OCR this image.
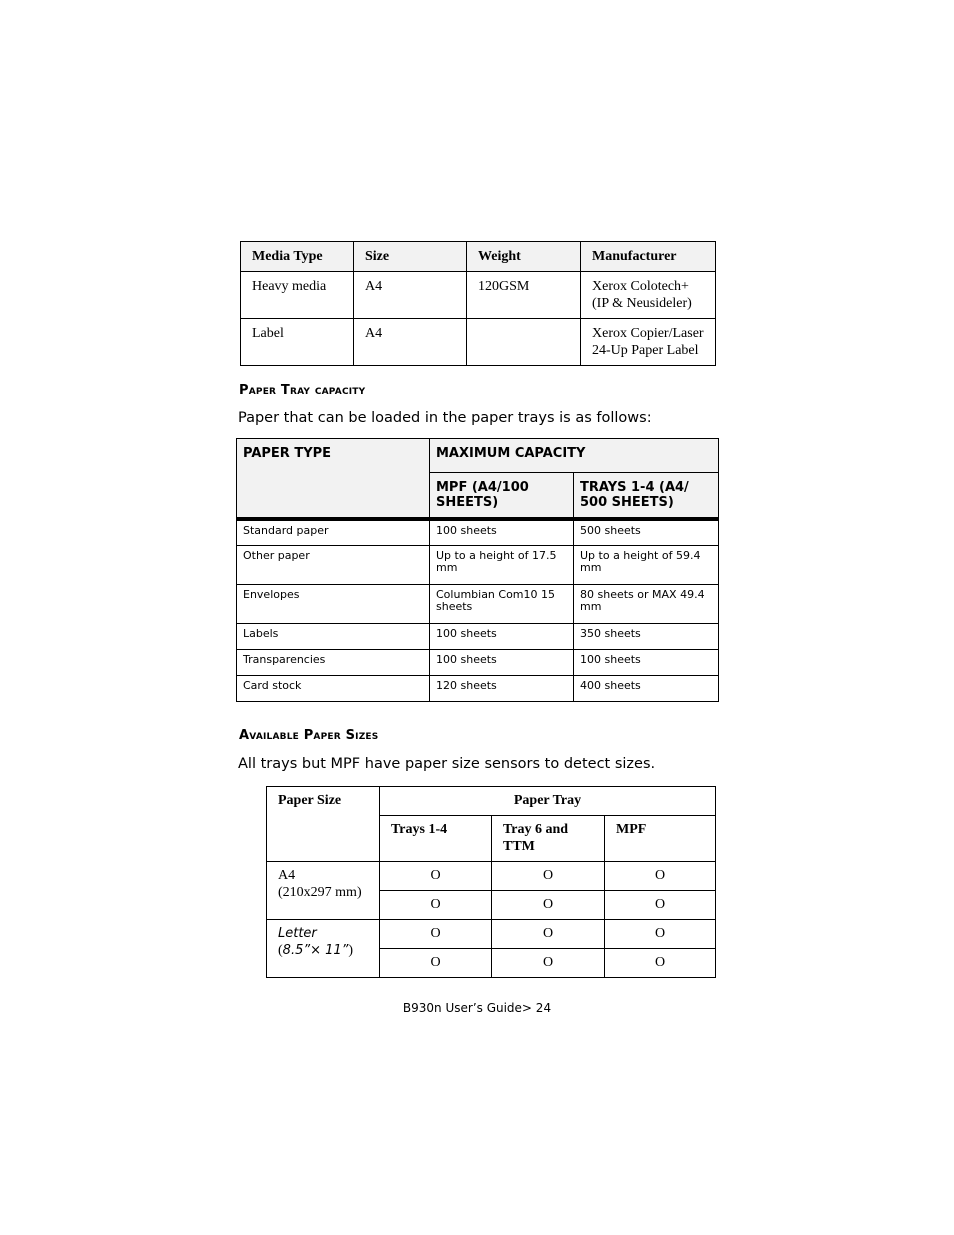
Media Type	Size	Weight	Manufacturer
Heavy media	A4	120GSM	Xerox Colotech+ (IP & Neusideler)
Label	A4		Xerox Copier/Laser 24-Up Paper Label
Paper Tray capacity

Paper that can be loaded in the paper trays is as follows:

PAPER TYPE	MAXIMUM CAPACITY	
	MPF (A4/100 SHEETS)	TRAYS 1-4 (A4/ 500 SHEETS)
Standard paper	100 sheets	500 sheets
Other paper	Up to a height of 17.5 mm	Up to a height of 59.4 mm
Envelopes	Columbian Com10 15 sheets	80 sheets or MAX 49.4 mm
Labels	100 sheets	350 sheets
Transparencies	100 sheets	100 sheets
Card stock	120 sheets	400 sheets
Available Paper Sizes

All trays but MPF have paper size sensors to detect sizes.

Paper Size	Paper Tray		
	Trays 1-4	Tray 6 and TTM	MPF
A4
(210x297 mm)	O	O	O
	O	O	O
Letter
(8.5”× 11”)	O	O	O
	O	O	O
B930n User’s Guide> 24
